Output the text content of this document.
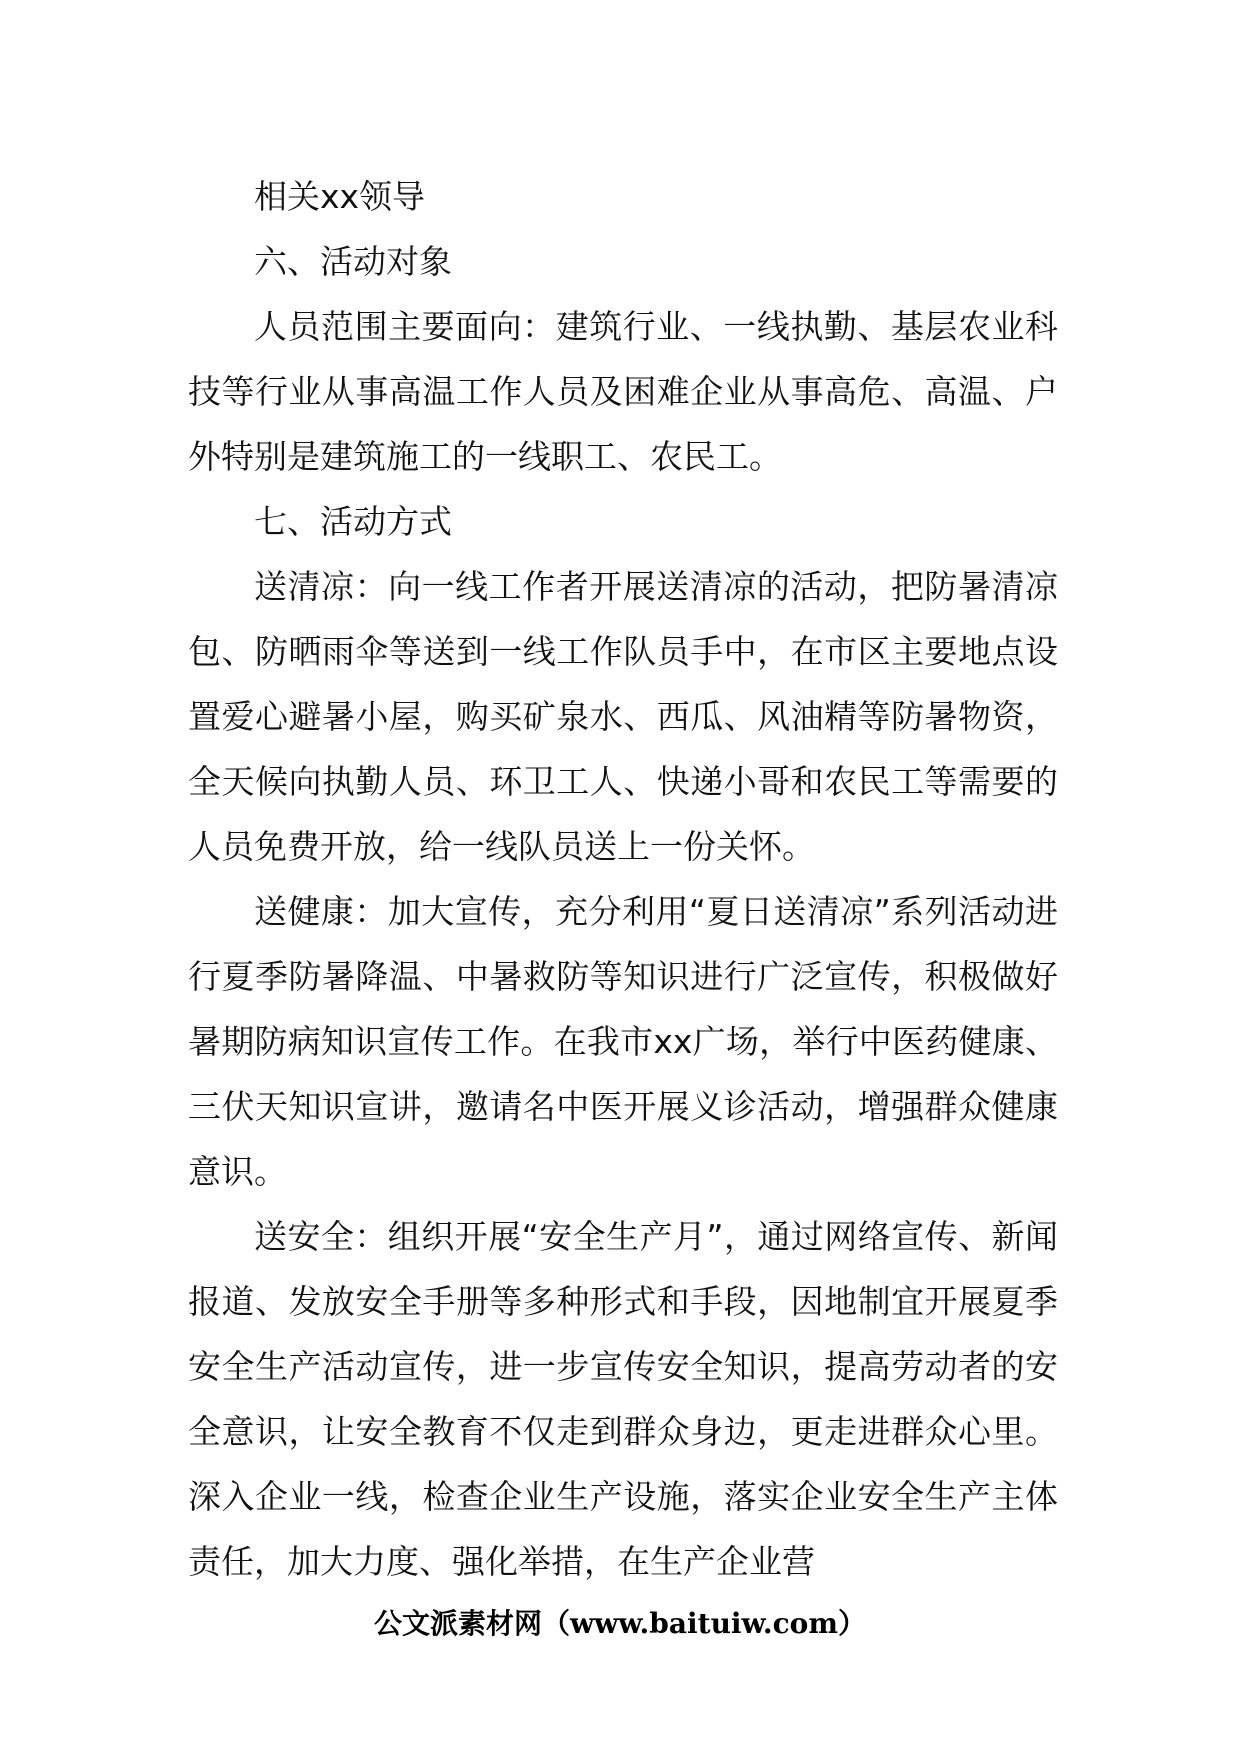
相关xx领导

六、活动对象

人员范围主要面向：建筑行业、一线执勤、基层农业科技等行业从事高温工作人员及困难企业从事高危、高温、户外特别是建筑施工的一线职工、农民工。

七、活动方式

送清凉：向一线工作者开展送清凉的活动，把防暑清凉包、防晒雨伞等送到一线工作队员手中，在市区主要地点设置爱心避暑小屋，购买矿泉水、西瓜、风油精等防暑物资，全天候向执勤人员、环卫工人、快递小哥和农民工等需要的人员免费开放，给一线队员送上一份关怀。

送健康：加大宣传，充分利用“夏日送清凉”系列活动进行夏季防暑降温、中暑救防等知识进行广泛宣传，积极做好暑期防病知识宣传工作。在我市xx广场，举行中医药健康、三伏天知识宣讲，邀请名中医开展义诊活动，增强群众健康意识。

送安全：组织开展“安全生产月”，通过网络宣传、新闻报道、发放安全手册等多种形式和手段，因地制宜开展夏季安全生产活动宣传，进一步宣传安全知识，提高劳动者的安全意识，让安全教育不仅走到群众身边，更走进群众心里。深入企业一线，检查企业生产设施，落实企业安全生产主体责任，加大力度、强化举措，在生产企业营

公文派素材网（www.baituiw.com）
